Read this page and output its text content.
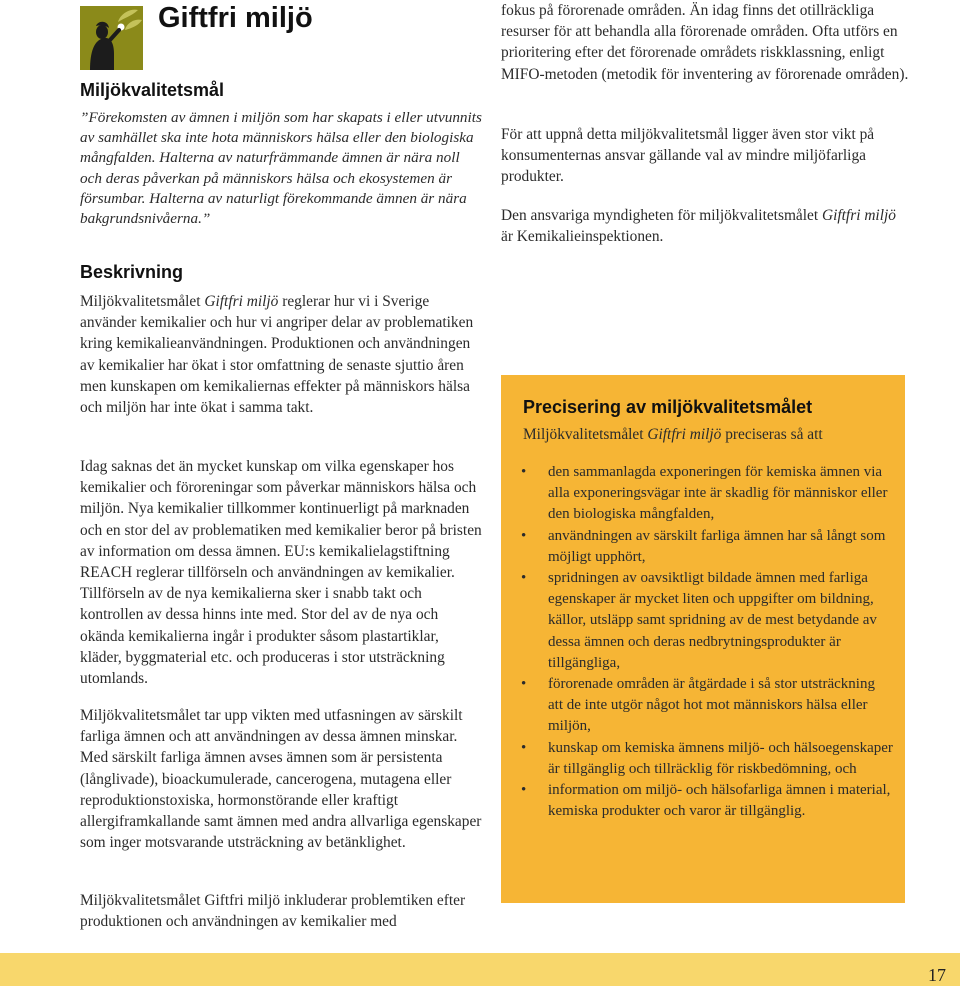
Giftfri miljö
Miljökvalitetsmål
”Förekomsten av ämnen i miljön som har skapats i eller utvunnits av samhället ska inte hota människors hälsa eller den biologiska mångfalden. Halterna av naturfrämmande ämnen är nära noll och deras påverkan på människors hälsa och ekosystemen är försumbar. Halterna av naturligt förekommande ämnen är nära bakgrundsnivåerna.”
Beskrivning
Miljökvalitetsmålet Giftfri miljö reglerar hur vi i Sverige använder kemikalier och hur vi angriper delar av problematiken kring kemikalieanvändningen. Produktionen och användningen av kemikalier har ökat i stor omfattning de senaste sjuttio åren men kunskapen om kemikaliernas effekter på människors hälsa och miljön har inte ökat i samma takt.
Idag saknas det än mycket kunskap om vilka egenskaper hos kemikalier och föroreningar som påverkar människors hälsa och miljön. Nya kemikalier tillkommer kontinuerligt på marknaden och en stor del av problematiken med kemikalier beror på bristen av information om dessa ämnen. EU:s kemikalielagstiftning REACH reglerar tillförseln och användningen av kemikalier. Tillförseln av de nya kemikalierna sker i snabb takt och kontrollen av dessa hinns inte med. Stor del av de nya och okända kemikalierna ingår i produkter såsom plastartiklar, kläder, byggmaterial etc. och produceras i stor utsträckning utomlands.
Miljökvalitetsmålet tar upp vikten med utfasningen av särskilt farliga ämnen och att användningen av dessa ämnen minskar. Med särskilt farliga ämnen avses ämnen som är persistenta (långlivade), bioackumulerade, cancerogena, mutagena eller reproduktionstoxiska, hormonstörande eller kraftigt allergiframkallande samt ämnen med andra allvarliga egenskaper som inger motsvarande utsträckning av betänklighet.
Miljökvalitetsmålet Giftfri miljö inkluderar problemtiken efter produktionen och användningen av kemikalier med
fokus på förorenade områden. Än idag finns det otillräckliga resurser för att behandla alla förorenade områden. Ofta utförs en prioritering efter det förorenade områdets riskklassning, enligt MIFO-metoden (metodik för inventering av förorenade områden).
För att uppnå detta miljökvalitetsmål ligger även stor vikt på konsumenternas ansvar gällande val av mindre miljöfarliga produkter.
Den ansvariga myndigheten för miljökvalitetsmålet Giftfri miljö är Kemikalieinspektionen.
Precisering av miljökvalitetsmålet
Miljökvalitetsmålet Giftfri miljö preciseras så att
• den sammanlagda exponeringen för kemiska ämnen via alla exponeringsvägar inte är skadlig för människor eller den biologiska mångfalden,
• användningen av särskilt farliga ämnen har så långt som möjligt upphört,
• spridningen av oavsiktligt bildade ämnen med farliga egenskaper är mycket liten och uppgifter om bildning, källor, utsläpp samt spridning av de mest betydande av dessa ämnen och deras nedbrytningsprodukter är tillgängliga,
• förorenade områden är åtgärdade i så stor utsträckning att de inte utgör något hot mot människors hälsa eller miljön,
• kunskap om kemiska ämnens miljö- och hälsoegenskaper är tillgänglig och tillräcklig för riskbedömning, och
• information om miljö- och hälsofarliga ämnen i material, kemiska produkter och varor är tillgänglig.
17
